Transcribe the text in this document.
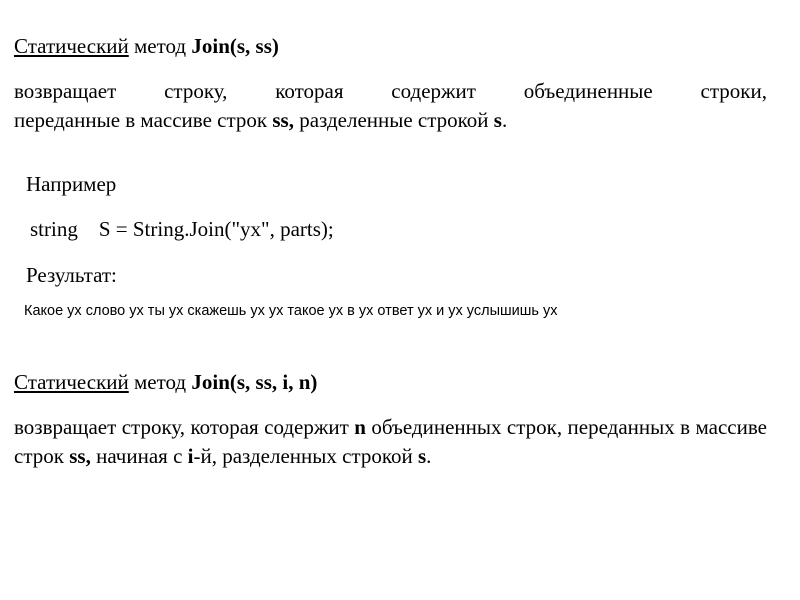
Статический метод Join(s, ss)
возвращает строку, которая содержит объединенные строки,
переданные в массиве строк ss, разделенные строкой s.
Например
string S = String.Join("ух", parts);
Результат:
Какое ух слово ух ты ух скажешь ух ух такое ух в ух ответ ух и ух услышишь ух
Статический метод Join(s, ss, i, n)
возвращает строку, которая содержит n объединенных строк, переданных в массиве строк ss, начиная с i-й, разделенных строкой s.
